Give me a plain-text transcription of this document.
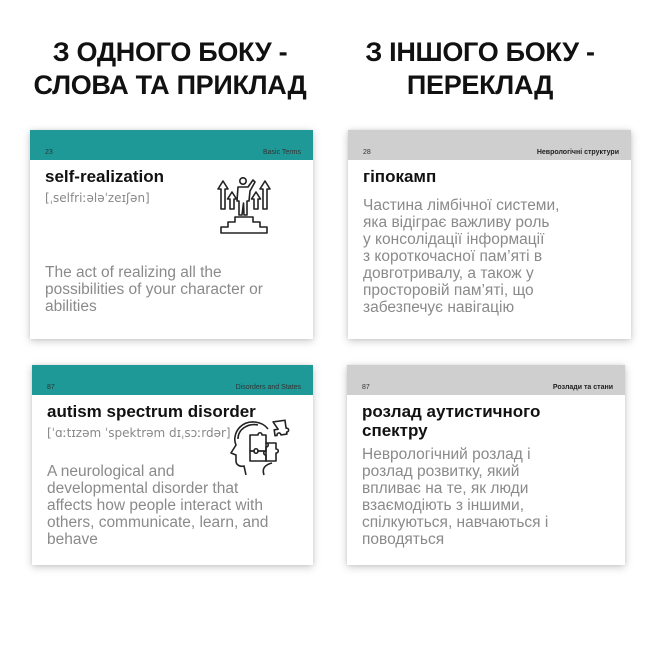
З ОДНОГО БОКУ -
СЛОВА ТА ПРИКЛАД
З ІНШОГО БОКУ -
ПЕРЕКЛАД
23	Basic Terms
self-realization
[ˌselfriːələˈzeɪʃən]
The act of realizing all the
possibilities of your character or
abilities
28	Неврологічні структури
гіпокамп
Частина лімбічної системи,
яка відіграє важливу роль
у консолідації інформації
з короткочасної пам’яті в
довготривалу, а також у
просторовій пам’яті, що
забезпечує навігацію
87	Disorders and States
autism spectrum disorder
[ˈɑːtɪzəm ˈspektrəm dɪˌsɔːrdər]
A neurological and
developmental disorder that
affects how people interact with
others, communicate, learn, and
behave
87	Розлади та стани
розлад аутистичного
спектру
Неврологічний розлад і
розлад розвитку, який
впливає на те, як люди
взаємодіють з іншими,
спілкуються, навчаються і
поводяться
